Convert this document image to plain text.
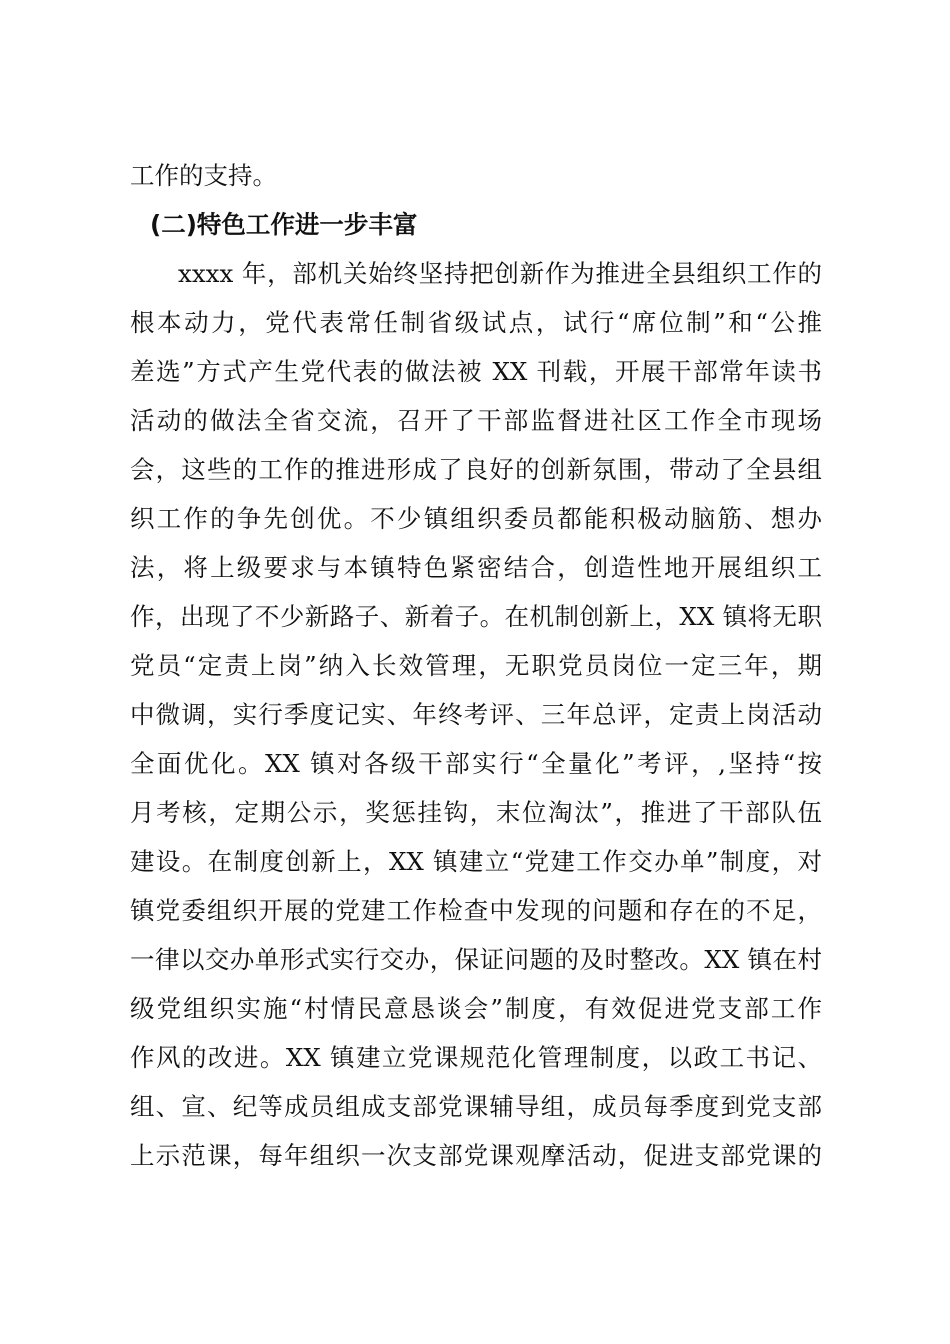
工作的支持。
(二)特色工作进一步丰富
xxxx 年，部机关始终坚持把创新作为推进全县组织工作的
根本动力，党代表常任制省级试点，试行“席位制”和“公推
差选”方式产生党代表的做法被 XX 刊载，开展干部常年读书
活动的做法全省交流，召开了干部监督进社区工作全市现场
会，这些的工作的推进形成了良好的创新氛围，带动了全县组
织工作的争先创优。不少镇组织委员都能积极动脑筋、想办
法，将上级要求与本镇特色紧密结合，创造性地开展组织工
作，出现了不少新路子、新着子。在机制创新上，XX 镇将无职
党员“定责上岗”纳入长效管理，无职党员岗位一定三年，期
中微调，实行季度记实、年终考评、三年总评，定责上岗活动
全面优化。XX 镇对各级干部实行“全量化”考评，,坚持“按
月考核，定期公示，奖惩挂钩，末位淘汰”，推进了干部队伍
建设。在制度创新上，XX 镇建立“党建工作交办单”制度，对
镇党委组织开展的党建工作检查中发现的问题和存在的不足，
一律以交办单形式实行交办，保证问题的及时整改。XX 镇在村
级党组织实施“村情民意恳谈会”制度，有效促进党支部工作
作风的改进。XX 镇建立党课规范化管理制度，以政工书记、
组、宣、纪等成员组成支部党课辅导组，成员每季度到党支部
上示范课，每年组织一次支部党课观摩活动，促进支部党课的
